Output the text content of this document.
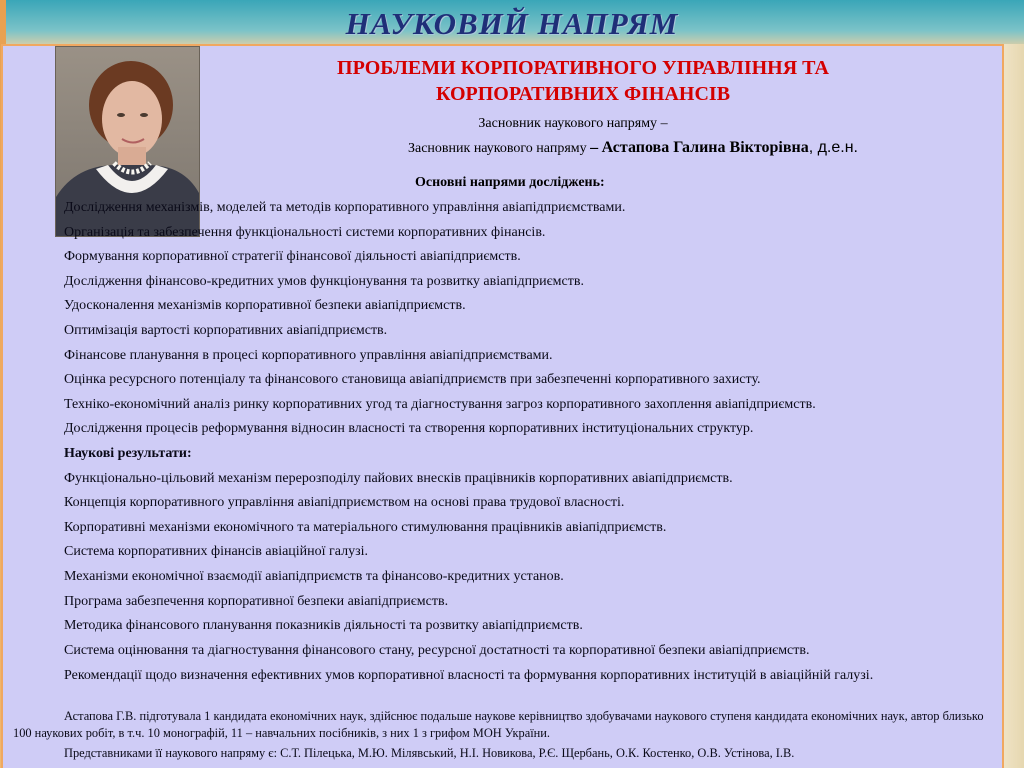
НАУКОВИЙ НАПРЯМ
ПРОБЛЕМИ КОРПОРАТИВНОГО УПРАВЛІННЯ ТА КОРПОРАТИВНИХ ФІНАНСІВ
Засновник наукового напряму –
Засновник наукового напряму – Астапова Галина Вікторівна, д.е.н.
Основні напрями досліджень:
Дослідження механізмів, моделей та методів корпоративного управління авіапідприємствами.
Організація та забезпечення функціональності системи корпоративних фінансів.
Формування корпоративної стратегії фінансової діяльності авіапідприємств.
Дослідження фінансово-кредитних умов функціонування та розвитку авіапідприємств.
Удосконалення механізмів корпоративної безпеки авіапідприємств.
Оптимізація вартості корпоративних авіапідприємств.
Фінансове планування в процесі корпоративного управління авіапідприємствами.
Оцінка ресурсного потенціалу та фінансового становища авіапідприємств при забезпеченні корпоративного захисту.
Техніко-економічний аналіз ринку корпоративних угод та діагностування загроз корпоративного захоплення авіапідприємств.
Дослідження процесів реформування відносин власності та створення корпоративних інституціональних структур.
Наукові результати:
Функціонально-цільовий механізм перерозподілу пайових внесків працівників корпоративних авіапідприємств.
Концепція корпоративного управління авіапідприємством на основі права трудової власності.
Корпоративні механізми економічного та матеріального стимулювання працівників авіапідприємств.
Система корпоративних фінансів авіаційної галузі.
Механізми економічної взаємодії авіапідприємств та фінансово-кредитних установ.
Програма забезпечення корпоративної безпеки авіапідприємств.
Методика фінансового планування показників діяльності та розвитку авіапідприємств.
Система оцінювання та діагностування фінансового стану, ресурсної достатності та корпоративної безпеки авіапідприємств.
Рекомендації щодо визначення ефективних умов корпоративної власності та формування корпоративних інституцій в авіаційній галузі.
Астапова Г.В. підготувала 1 кандидата економічних наук, здійснює подальше наукове керівництво здобувачами наукового ступеня кандидата економічних наук, автор близько 100 наукових робіт, в т.ч. 10 монографій, 11 – навчальних посібників, з них 1 з грифом МОН України.
Представниками її наукового напряму є: С.Т. Пілецька, М.Ю. Мілявський, Н.І. Новикова, Р.Є. Щербань, О.К. Костенко, О.В. Устінова, І.В.
